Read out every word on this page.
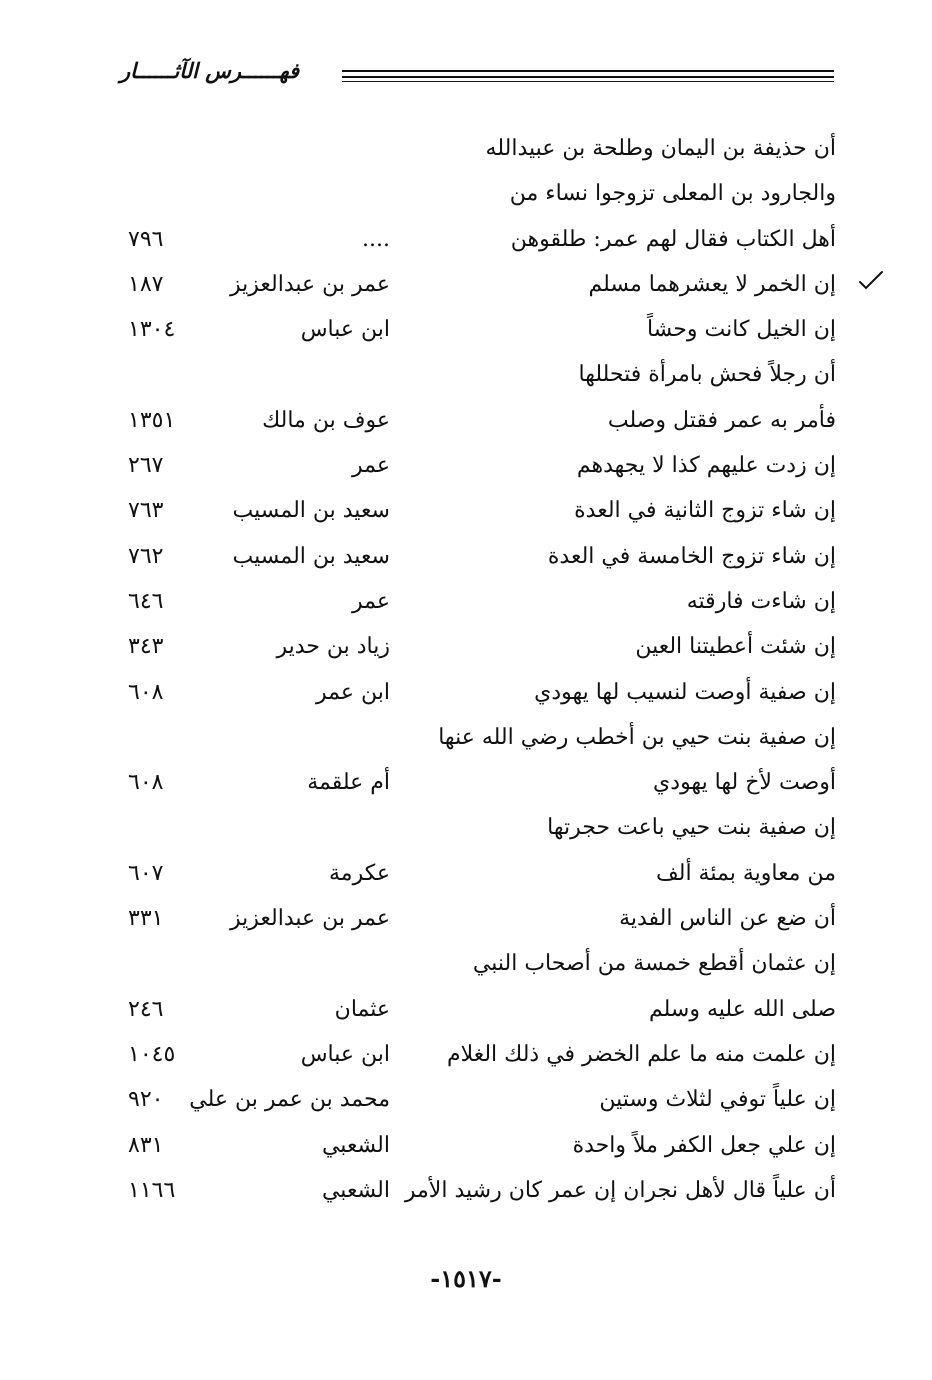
فهــــــرس الآثــــــار
أن حذيفة بن اليمان وطلحة بن عبيدالله
والجارود بن المعلى تزوجوا نساء من
أهل الكتاب فقال لهم عمر: طلقوهن
....
٧٩٦
إن الخمر لا يعشرهما مسلم
عمر بن عبدالعزيز
١٨٧
إن الخيل كانت وحشاً
ابن عباس
١٣٠٤
أن رجلاً فحش بامرأة فتحللها
فأمر به عمر فقتل وصلب
عوف بن مالك
١٣٥١
إن زدت عليهم كذا لا يجهدهم
عمر
٢٦٧
إن شاء تزوج الثانية في العدة
سعيد بن المسيب
٧٦٣
إن شاء تزوج الخامسة في العدة
سعيد بن المسيب
٧٦٢
إن شاءت فارقته
عمر
٦٤٦
إن شئت أعطيتنا العين
زياد بن حدير
٣٤٣
إن صفية أوصت لنسيب لها يهودي
ابن عمر
٦٠٨
إن صفية بنت حيي بن أخطب رضي الله عنها
أوصت لأخ لها يهودي
أم علقمة
٦٠٨
إن صفية بنت حيي باعت حجرتها
من معاوية بمئة ألف
عكرمة
٦٠٧
أن ضع عن الناس الفدية
عمر بن عبدالعزيز
٣٣١
إن عثمان أقطع خمسة من أصحاب النبي
صلى الله عليه وسلم
عثمان
٢٤٦
إن علمت منه ما علم الخضر في ذلك الغلام
ابن عباس
١٠٤٥
إن علياً توفي لثلاث وستين
محمد بن عمر بن علي
٩٢٠
إن علي جعل الكفر ملاً واحدة
الشعبي
٨٣١
أن علياً قال لأهل نجران إن عمر كان رشيد الأمر
الشعبي
١١٦٦
-١٥١٧-
